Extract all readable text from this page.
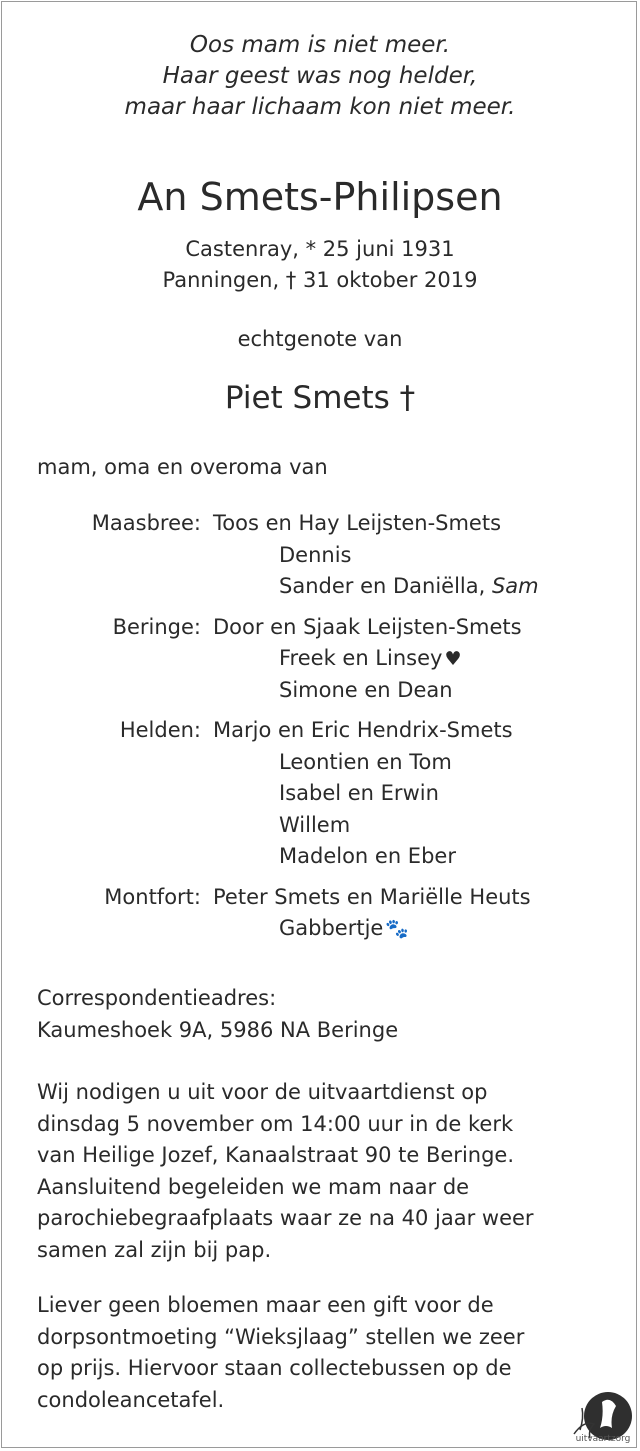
Oos mam is niet meer.
Haar geest was nog helder,
maar haar lichaam kon niet meer.
An Smets-Philipsen
Castenray, * 25 juni 1931
Panningen, † 31 oktober 2019
echtgenote van
Piet Smets †
mam, oma en overoma van
Maasbree: Toos en Hay Leijsten-Smets
Dennis
Sander en Daniëlla, Sam
Beringe: Door en Sjaak Leijsten-Smets
Freek en Linsey ♥
Simone en Dean
Helden: Marjo en Eric Hendrix-Smets
Leontien en Tom
Isabel en Erwin
Willem
Madelon en Eber
Montfort: Peter Smets en Mariëlle Heuts
Gabbertje 🐾
Correspondentieadres:
Kaumeshoek 9A, 5986 NA Beringe
Wij nodigen u uit voor de uitvaartdienst op
dinsdag 5 november om 14:00 uur in de kerk
van Heilige Jozef, Kanaalstraat 90 te Beringe.
Aansluitend begeleiden we mam naar de
parochiebegraafplaats waar ze na 40 jaar weer
samen zal zijn bij pap.
Liever geen bloemen maar een gift voor de
dorpsontmoeting “Wieksjlaag” stellen we zeer
op prijs. Hiervoor staan collectebussen op de
condoleancetafel.
uitvaartzorg
